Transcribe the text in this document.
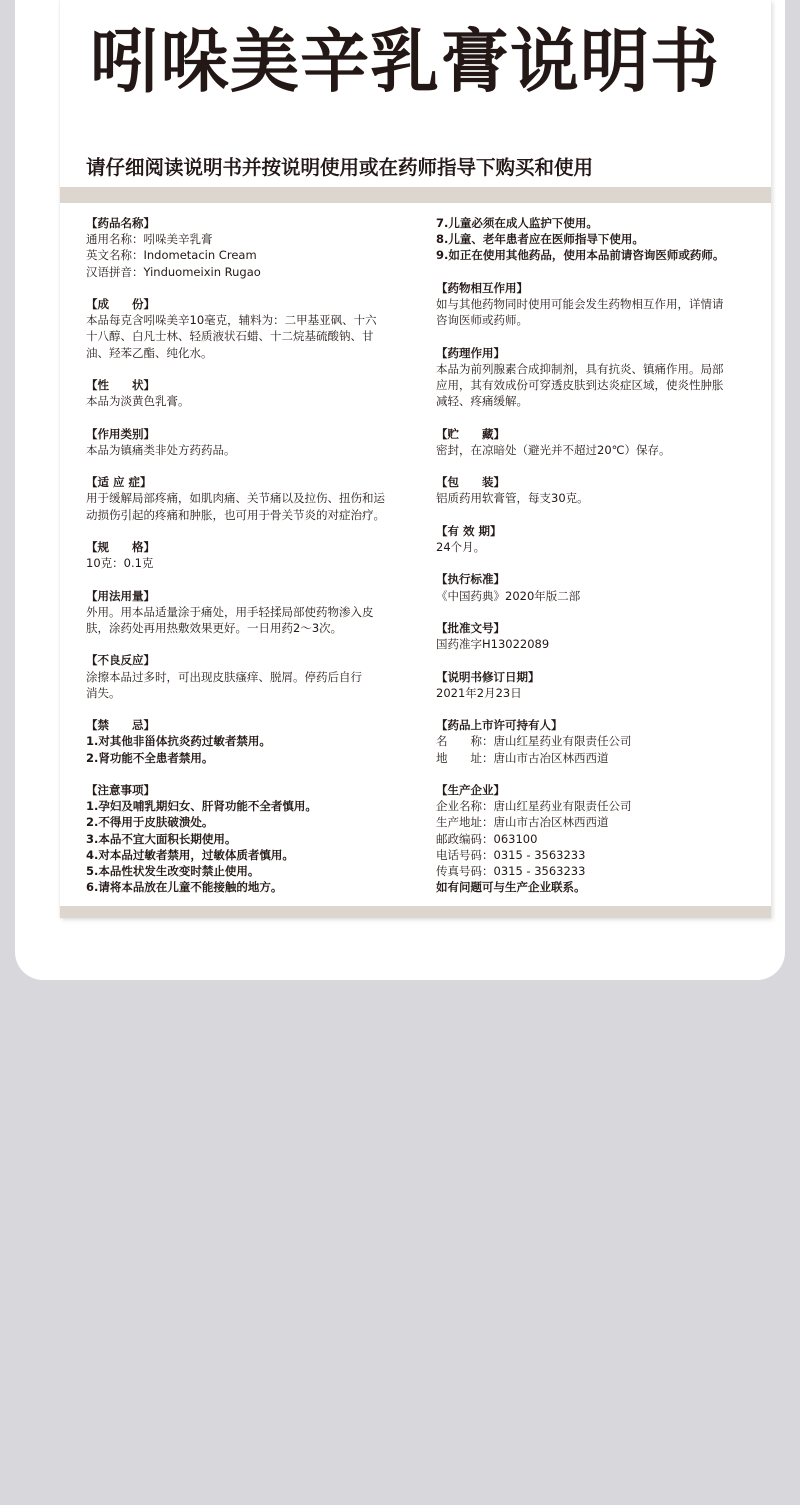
吲哚美辛乳膏说明书
请仔细阅读说明书并按说明使用或在药师指导下购买和使用
【药品名称】
通用名称：吲哚美辛乳膏
英文名称：Indometacin Cream
汉语拼音：Yinduomeixin Rugao
【成　　份】
本品每克含吲哚美辛10毫克，辅料为：二甲基亚砜、十六
十八醇、白凡士林、轻质液状石蜡、十二烷基硫酸钠、甘
油、羟苯乙酯、纯化水。
【性　　状】
本品为淡黄色乳膏。
【作用类别】
本品为镇痛类非处方药药品。
【适 应 症】
用于缓解局部疼痛，如肌肉痛、关节痛以及拉伤、扭伤和运
动损伤引起的疼痛和肿胀，也可用于骨关节炎的对症治疗。
【规　　格】
10克：0.1克
【用法用量】
外用。用本品适量涂于痛处，用手轻揉局部使药物渗入皮
肤，涂药处再用热敷效果更好。一日用药2～3次。
【不良反应】
涂擦本品过多时，可出现皮肤瘙痒、脱屑。停药后自行
消失。
【禁　　忌】
1.对其他非甾体抗炎药过敏者禁用。
2.肾功能不全患者禁用。
【注意事项】
1.孕妇及哺乳期妇女、肝肾功能不全者慎用。
2.不得用于皮肤破溃处。
3.本品不宜大面积长期使用。
4.对本品过敏者禁用，过敏体质者慎用。
5.本品性状发生改变时禁止使用。
6.请将本品放在儿童不能接触的地方。
7.儿童必须在成人监护下使用。
8.儿童、老年患者应在医师指导下使用。
9.如正在使用其他药品，使用本品前请咨询医师或药师。
【药物相互作用】
如与其他药物同时使用可能会发生药物相互作用，详情请
咨询医师或药师。
【药理作用】
本品为前列腺素合成抑制剂，具有抗炎、镇痛作用。局部
应用，其有效成份可穿透皮肤到达炎症区域，使炎性肿胀
减轻、疼痛缓解。
【贮　　藏】
密封，在凉暗处（避光并不超过20℃）保存。
【包　　装】
铝质药用软膏管，每支30克。
【有 效 期】
24个月。
【执行标准】
《中国药典》2020年版二部
【批准文号】
国药准字H13022089
【说明书修订日期】
2021年2月23日
【药品上市许可持有人】
名　　称：唐山红星药业有限责任公司
地　　址：唐山市古冶区林西西道
【生产企业】
企业名称：唐山红星药业有限责任公司
生产地址：唐山市古冶区林西西道
邮政编码：063100
电话号码：0315 - 3563233
传真号码：0315 - 3563233
如有问题可与生产企业联系。
